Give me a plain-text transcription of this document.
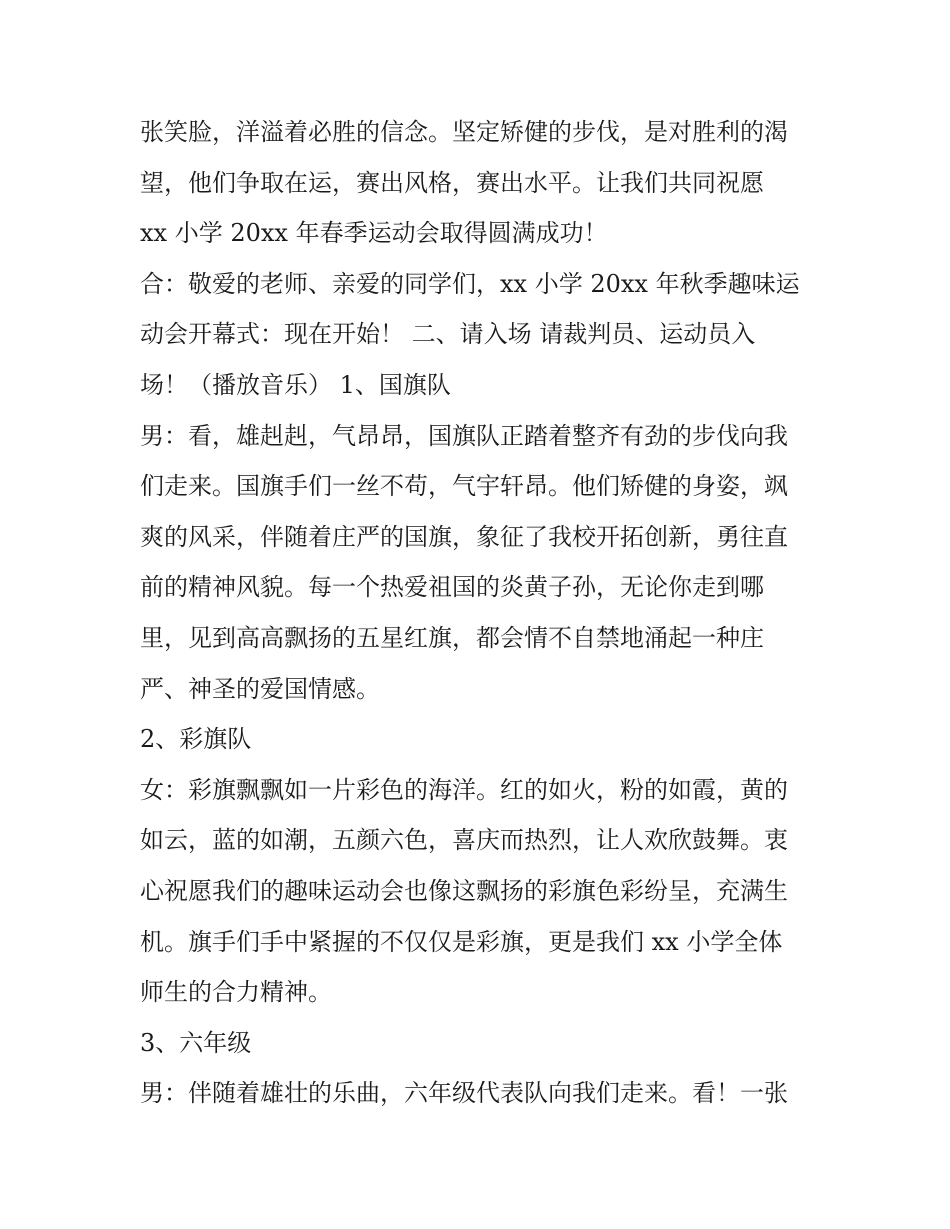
张笑脸，洋溢着必胜的信念。坚定矫健的步伐，是对胜利的渴
望，他们争取在运，赛出风格，赛出水平。让我们共同祝愿
xx 小学 20xx 年春季运动会取得圆满成功！
合：敬爱的老师、亲爱的同学们，xx 小学 20xx 年秋季趣味运
动会开幕式：现在开始！ 二、请入场 请裁判员、运动员入
场！（播放音乐） 1、国旗队
男：看，雄赳赳，气昂昂，国旗队正踏着整齐有劲的步伐向我
们走来。国旗手们一丝不苟，气宇轩昂。他们矫健的身姿，飒
爽的风采，伴随着庄严的国旗，象征了我校开拓创新，勇往直
前的精神风貌。每一个热爱祖国的炎黄子孙，无论你走到哪
里，见到高高飘扬的五星红旗，都会情不自禁地涌起一种庄
严、神圣的爱国情感。
2、彩旗队
女：彩旗飘飘如一片彩色的海洋。红的如火，粉的如霞，黄的
如云，蓝的如潮，五颜六色，喜庆而热烈，让人欢欣鼓舞。衷
心祝愿我们的趣味运动会也像这飘扬的彩旗色彩纷呈，充满生
机。旗手们手中紧握的不仅仅是彩旗，更是我们 xx 小学全体
师生的合力精神。
3、六年级
男：伴随着雄壮的乐曲，六年级代表队向我们走来。看！一张
